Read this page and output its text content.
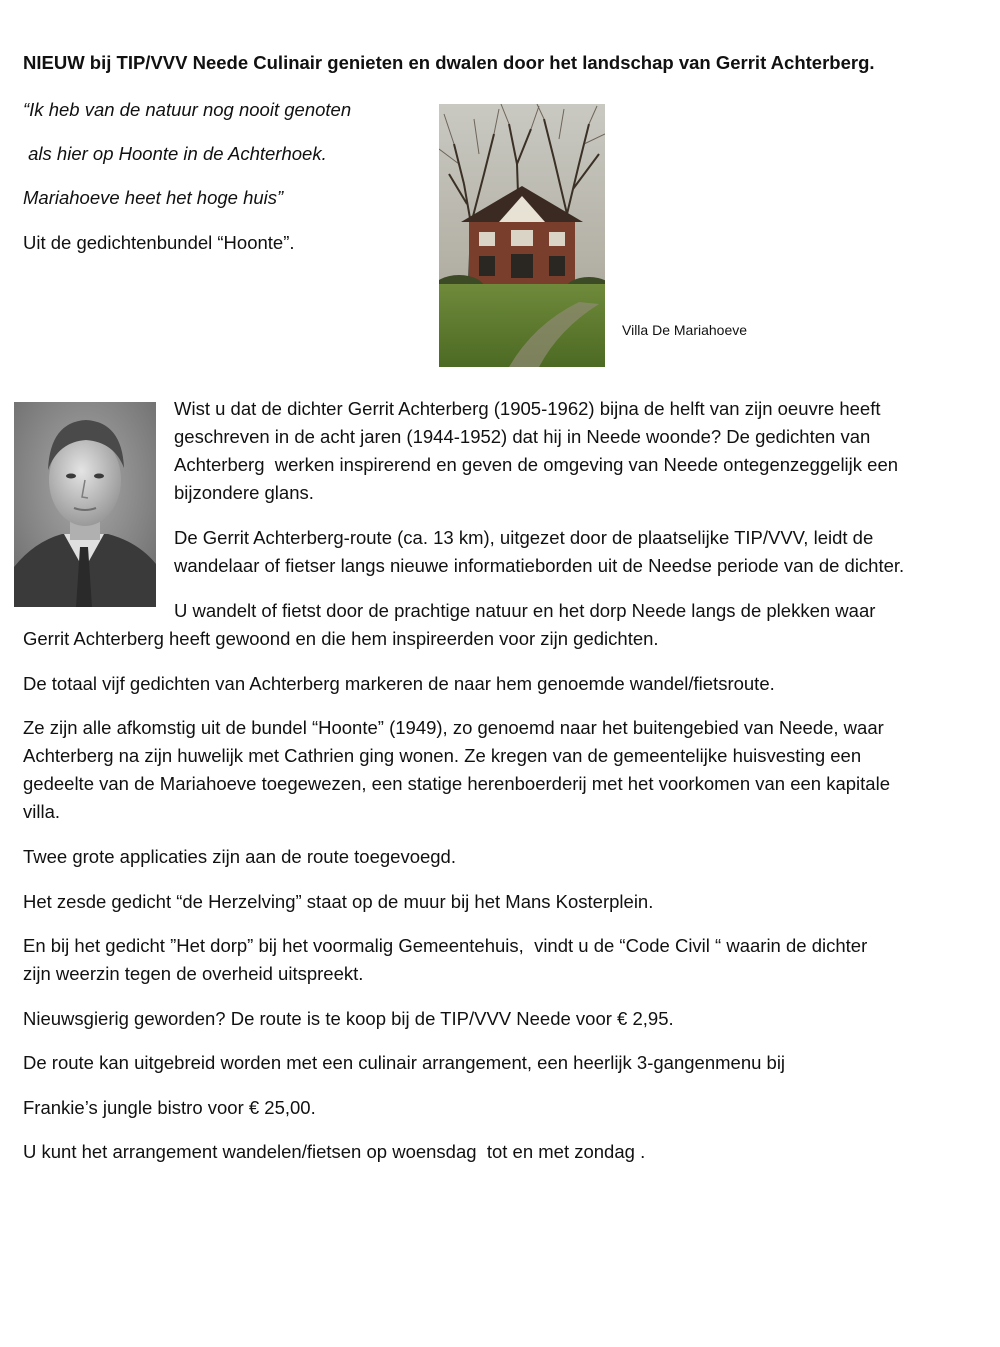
NIEUW bij TIP/VVV Neede Culinair genieten en dwalen door het landschap van Gerrit Achterberg.
“Ik heb van de natuur nog nooit genoten
als hier op Hoonte in de Achterhoek.
Mariahoeve heet het hoge huis”
Uit de gedichtenbundel “Hoonte”.
Villa De Mariahoeve
Wist u dat de dichter Gerrit Achterberg (1905-1962) bijna de helft van zijn oeuvre heeft
geschreven in de acht jaren (1944-1952) dat hij in Neede woonde? De gedichten van
Achterberg  werken inspirerend en geven de omgeving van Neede ontegenzeggelijk een
bijzondere glans.
De Gerrit Achterberg-route (ca. 13 km), uitgezet door de plaatselijke TIP/VVV, leidt de
wandelaar of fietser langs nieuwe informatieborden uit de Needse periode van de dichter.
U wandelt of fietst door de prachtige natuur en het dorp Neede langs de plekken waar
Gerrit Achterberg heeft gewoond en die hem inspireerden voor zijn gedichten.
De totaal vijf gedichten van Achterberg markeren de naar hem genoemde wandel/fietsroute.
Ze zijn alle afkomstig uit de bundel “Hoonte” (1949), zo genoemd naar het buitengebied van Neede, waar
Achterberg na zijn huwelijk met Cathrien ging wonen. Ze kregen van de gemeentelijke huisvesting een
gedeelte van de Mariahoeve toegewezen, een statige herenboerderij met het voorkomen van een kapitale
villa.
Twee grote applicaties zijn aan de route toegevoegd.
Het zesde gedicht “de Herzelving” staat op de muur bij het Mans Kosterplein.
En bij het gedicht ”Het dorp” bij het voormalig Gemeentehuis,  vindt u de “Code Civil “ waarin de dichter
zijn weerzin tegen de overheid uitspreekt.
Nieuwsgierig geworden? De route is te koop bij de TIP/VVV Neede voor € 2,95.
De route kan uitgebreid worden met een culinair arrangement, een heerlijk 3-gangenmenu bij
Frankie’s jungle bistro voor € 25,00.
U kunt het arrangement wandelen/fietsen op woensdag  tot en met zondag .
